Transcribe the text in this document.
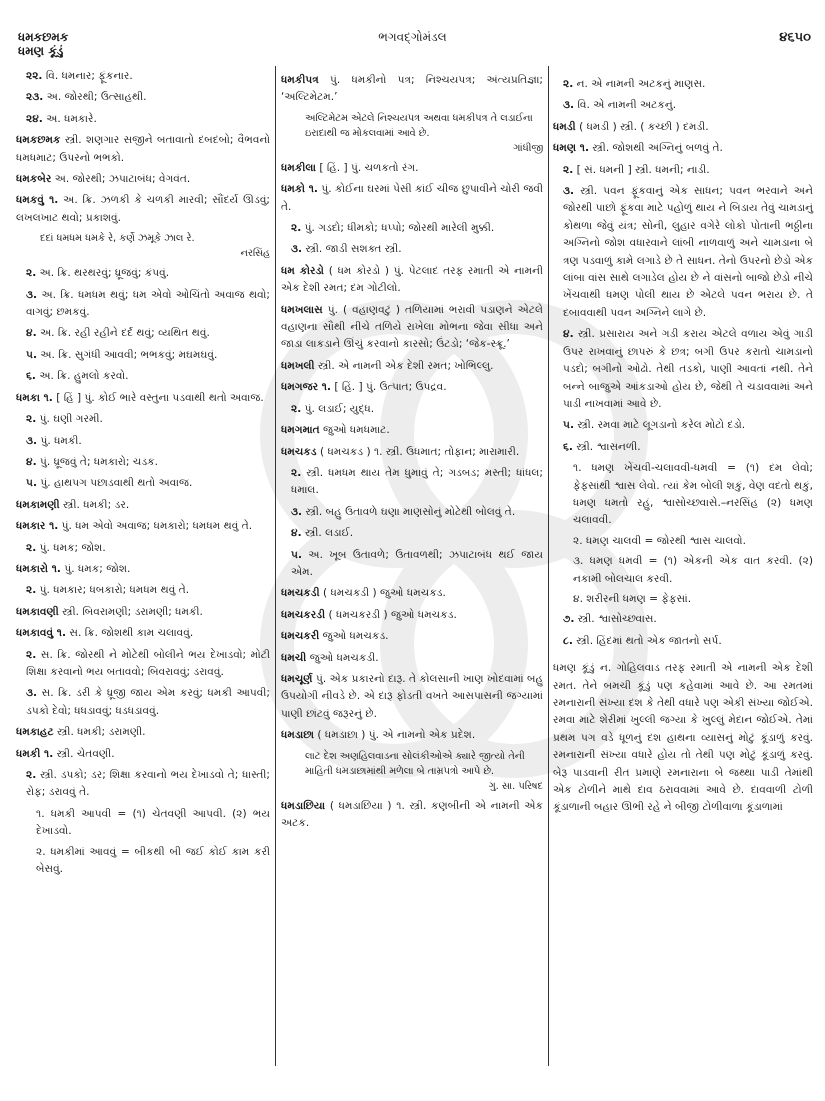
ધમકછમક
ધમણ કૂંડું
ભગવદ્ગોમંડલ	૪૬૫૦
૨૨. વિ. ધમનાર; ફૂંકનાર.
૨૩. અ. જોરથી; ઉત્સાહથી.
૨૪. અ. ધમકારે.
ધમકછમક સ્ત્રી. શણગાર સજીને બતાવાતો દબદબો; વૈભવનો ધમધમાટ; ઉપરનો ભભકો.
ધમકબેર અ. જોરથી; ઝપાટાબંધ; વેગવંત.
ધમકવું ૧. અ. ક્રિ. ઝળકી કે ચળકી મારવી; સૌંદર્ય ઊડવું; લખલખાટ થવો; પ્રકાશવું.
દદાં ધમધમ ધમકે રે, કર્ણે ઝમૂકે ઝાલ રે.
નરસિંહ
૨. અ. ક્રિ. થરથરવું; ધ્રૂજવું; કંપવું.
૩. અ. ક્રિ. ધમધમ થવું; ધમ એવો ઓચિંતો અવાજ થવો; વાગવું; છમકવું.
૪. અ. ક્રિ. રહી રહીને દર્દ થવું; વ્યથિત થવું.
૫. અ. ક્રિ. સુગંધી આવવી; ભભકવું; મઘમઘવું.
૬. અ. ક્રિ. હુમલો કરવો.
ધમકા ૧. [ હિં ] પું. કોઈ ભારે વસ્તુના પડવાથી થતો અવાજ.
૨. પું. ઘણી ગરમી.
૩. પું. ધમકી.
૪. પું. ધ્રૂજવું તે; ધમકારો; ચડક.
૫. પું. હાથપગ પછાડવાથી થતો અવાજ.
ધમકામણી સ્ત્રી. ધમકી; ડર.
ધમકાર ૧. પું. ધમ એવો અવાજ; ધમકારો; ધમધમ થવું તે.
૨. પું. ધમક; જોશ.
ધમકારો ૧. પું. ધમક; જોશ.
૨. પું. ધમકાર; ધબકારો; ધમધમ થવું તે.
ધમકાવણી સ્ત્રી. બિવરામણી; ડરામણી; ધમકી.
ધમકાવવું ૧. સ. ક્રિ. જોશથી કામ ચલાવવું.
૨. સ. ક્રિ. જોરથી ને મોટેથી બોલીને ભય દેખાડવો; મોટી શિક્ષા કરવાનો ભય બતાવવો; બિવરાવવું; ડરાવવું.
૩. સ. ક્રિ. ડરી કે ધ્રૂજી જાય એમ કરવું; ધમકી આપવી; ડપકો દેવો; ધધડાવવું; ધડધડાવવું.
ધમકાહટ સ્ત્રી. ધમકી; ડરામણી.
ધમકી ૧. સ્ત્રી. ચેતવણી.
૨. સ્ત્રી. ડપકો; ડર; શિક્ષા કરવાનો ભય દેખાડવો તે; ધાસ્તી; રોફ; ડરાવવું તે.
૧. ધમકી આપવી = (૧) ચેતવણી આપવી. (૨) ભય દેખાડવો.
૨. ધમકીમાં આવવું = બીકથી બી જઈ કોઈ કામ કરી બેસવું.
ધમકીપત્ર પું. ધમકીનો પત્ર; નિશ્ચયપત્ર; અંત્યપ્રતિજ્ઞા; ‘અલ્ટિમેટમ.’
અલ્ટિમેટમ એટલે નિશ્ચયપત્ર અથવા ધમકીપત્ર તે લડાઈના ઇરાદાથી જ મોકલવામાં આવે છે.
ગાંધીજી
ધમકીલા [ હિં. ] પું. ચળકતો રંગ.
ધમકો ૧. પું. કોઈના ઘરમાં પેસી કાંઈ ચીજ છુપાવીને ચોરી જવી તે.
૨. પું. ગડદો; ધીમકો; ધપ્પો; જોરથી મારેલી મુક્કી.
૩. સ્ત્રી. જાડી સશક્ત સ્ત્રી.
ધમ કોરડો ( ધમ કોરડો ) પું. પેટલાદ તરફ રમાતી એ નામની એક દેશી રમત; દમ ગોટીલો.
ધમખલાસ પું. ( વહાણવટું ) તળિયામાં ભરાવી પડાણને એટલે વહાણના સૌથી નીચે તળિયે રાખેલા મોભના જેવા સીધા અને જાડા લાકડાને ઊંચું કરવાનો કારસો; ઉંટડો; ‘જેક-સ્ક્રૂ.’
ધમખલી સ્ત્રી. એ નામની એક દેશી રમત; ખોભિલ્લુ.
ધમગજર ૧. [ હિં. ] પું. ઉત્પાત; ઉપદ્રવ.
૨. પું. લડાઈ; યુદ્ધ.
ધમગમાત જુઓ ધમધમાટ.
ધમચકડ ( ધમચકડ ) ૧. સ્ત્રી. ઉધમાત; તોફાન; મારામારી.
૨. સ્ત્રી. ધમધમ થાય તેમ ધુમાવું તે; ગડબડ; મસ્તી; ધાંધલ; ધમાલ.
૩. સ્ત્રી. બહુ ઉતાવળે ઘણા માણસોનું મોટેથી બોલવું તે.
૪. સ્ત્રી. લડાઈ.
૫. અ. ખૂબ ઉતાવળે; ઉતાવળથી; ઝપાટાબંધ થઈ જાય એમ.
ધમચકડી ( ધમચકડી ) જુઓ ધમચકડ.
ધમચકરડી ( ધમચકરડી ) જુઓ ધમચકડ.
ધમચકરી જુઓ ધમચકડ.
ધમચી જુઓ ધમચકડી.
ધમચૂર્ણ પું. એક પ્રકારનો દારૂ. તે કોલસાની ખાણ ખોદવામાં બહુ ઉપયોગી નીવડે છે. એ દારૂ ફોડતી વખતે આસપાસની જગ્યામાં પાણી છાંટવું જરૂરનું છે.
ધમડાછા ( ધમડાછા ) પું. એ નામનો એક પ્રદેશ.
લાટ દેશ અણહિલવાડના સોલંકીઓએ ક્યારે જીત્યો તેની માહિતી ધમડાછામાંથી મળેલા બે તામ્રપત્રો આપે છે.
ગુ. સા. પરિષદ
ધમડાછિયા ( ધમડાછિયા ) ૧. સ્ત્રી. કણબીની એ નામની એક અટક.
૨. ન. એ નામની અટકનું માણસ.
૩. વિ. એ નામની અટકનું.
ધમડી ( ધમડી ) સ્ત્રી. ( કચ્છી ) દમડી.
ધમણ ૧. સ્ત્રી. જોશથી અગ્નિનું બળવું તે.
૨. [ સં. ધમની ] સ્ત્રી. ધમની; નાડી.
૩. સ્ત્રી. પવન ફૂંકવાનું એક સાધન; પવન ભરવાને અને જોરથી પાછો ફૂંકવા માટે પહોળું થાય ને બિડાય તેવું ચામડાનું કોથળા જેવું યંત્ર; સોની, લુહાર વગેરે લોકો પોતાની ભઠ્ઠીના અગ્નિનો જોશ વધારવાને લાંબી નાળવાળું અને ચામડાના બે ત્રણ પડવાળું કામે લગાડે છે તે સાધન. તેનો ઉપરનો છેડો એક લાંબા વાંસ સાથે લગાડેલ હોય છે ને વાંસનો બાજો છેડો નીચે ખેંચવાથી ધમણ પોલી થાય છે એટલે પવન ભરાય છે. તે દબાવવાથી પવન અગ્નિને લાગે છે.
૪. સ્ત્રી. પ્રસારાય અને ગડી કરાય એટલે વળાય એવું ગાડી ઉપર રાખવાનું છાપરું કે છત્ર; બગી ઉપર કરાતો ચામડાનો પડદો; બગીનો ઓઢો. તેથી તડકો, પાણી આવતાં નથી. તેને બન્ને બાજુએ આંકડાઓ હોય છે, જેથી તે ચડાવવામાં અને પાડી નાખવામાં આવે છે.
૫. સ્ત્રી. રમવા માટે લૂગડાનો કરેલ મોટો દડો.
૬. સ્ત્રી. શ્વાસનળી.
૧. ધમણ ખેંચવી-ચલાવવી-ધમવી = (૧) દમ લેવો; ફેફસાંથી શ્વાસ લેવો. ત્યાં કેમ બોલી શકું, વેણ વદતો થકું, ધમણ ધમતો રહું, શ્વાસોચ્છ્વાસે.–નરસિંહ (૨) ધમણ ચલાવવી.
૨. ધમણ ચાલવી = જોરથી શ્વાસ ચાલવો.
૩. ધમણ ધમવી = (૧) એકની એક વાત કરવી. (૨) નકામી બોલચાલ કરવી.
૪. શરીરની ધમણ = ફેફસાં.
૭. સ્ત્રી. શ્વાસોચ્છ્વાસ.
૮. સ્ત્રી. હિંદમાં થતો એક જાતનો સર્પ.
ધમણ કૂંડું ન. ગોહિલવાડ તરફ રમાતી એ નામની એક દેશી રમત. તેને બમચી કૂંડું પણ કહેવામાં આવે છે. આ રમતમાં રમનારાની સંખ્યા દશ કે તેથી વધારે પણ એકી સંખ્યા જોઈએ. રમવા માટે શેરીમાં ખુલ્લી જગ્યા કે ખુલ્લું મેદાન જોઈએ. તેમાં પ્રથમ પગ વડે ધૂળનું દશ હાથના વ્યાસનું મોટું કૂંડાળું કરવું. રમનારાની સંખ્યા વધારે હોય તો તેથી પણ મોટું કૂંડાળું કરવું. બેરૂ પાડવાની રીત પ્રમાણે રમનારાના બે જથ્થા પાડી તેમાંથી એક ટોળીને માથે દાવ ઠરાવવામાં આવે છે. દાવવાળી ટોળી કૂંડાળાની બહાર ઊભી રહે ને બીજી ટોળીવાળા કૂંડાળામાં
